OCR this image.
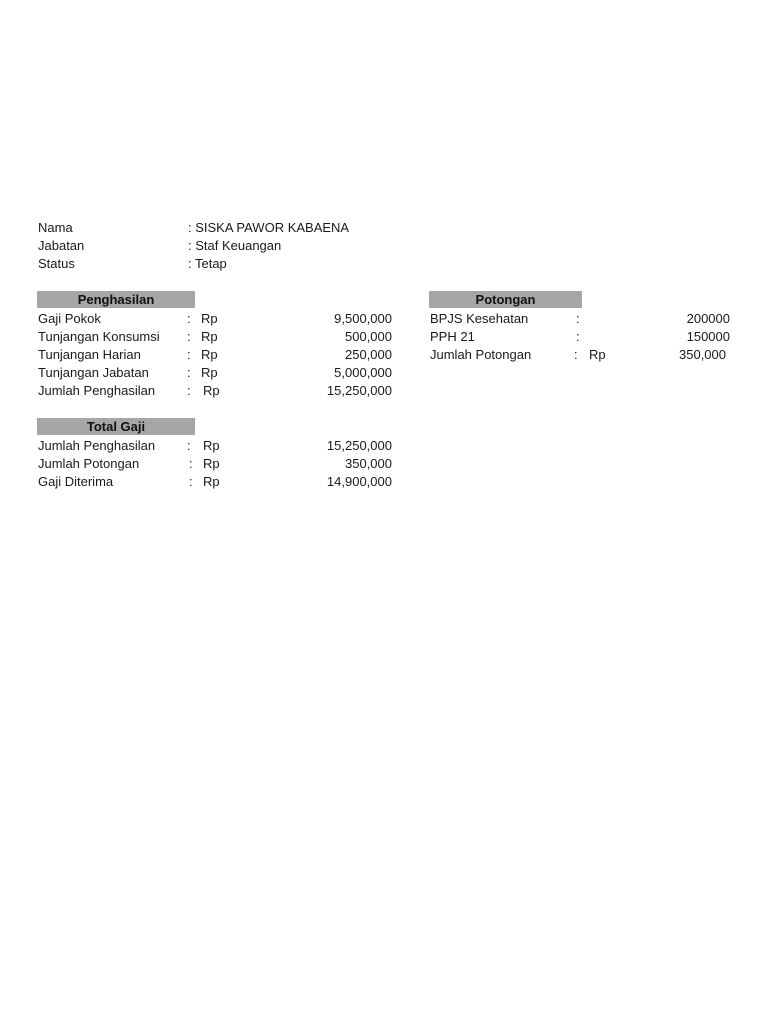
Nama	: SISKA PAWOR KABAENA
Jabatan	: Staf Keuangan
Status	: Tetap
Penghasilan
Gaji Pokok	: Rp	9,500,000
Tunjangan Konsumsi : Rp	500,000
Tunjangan Harian	: Rp	250,000
Tunjangan Jabatan	: Rp	5,000,000
Jumlah Penghasilan : Rp	15,250,000
Potongan
BPJS Kesehatan	:	200000
PPH 21	:	150000
Jumlah Potongan	: Rp	350,000
Total Gaji
Jumlah Penghasilan : Rp	15,250,000
Jumlah Potongan	: Rp	350,000
Gaji Diterima	: Rp	14,900,000
